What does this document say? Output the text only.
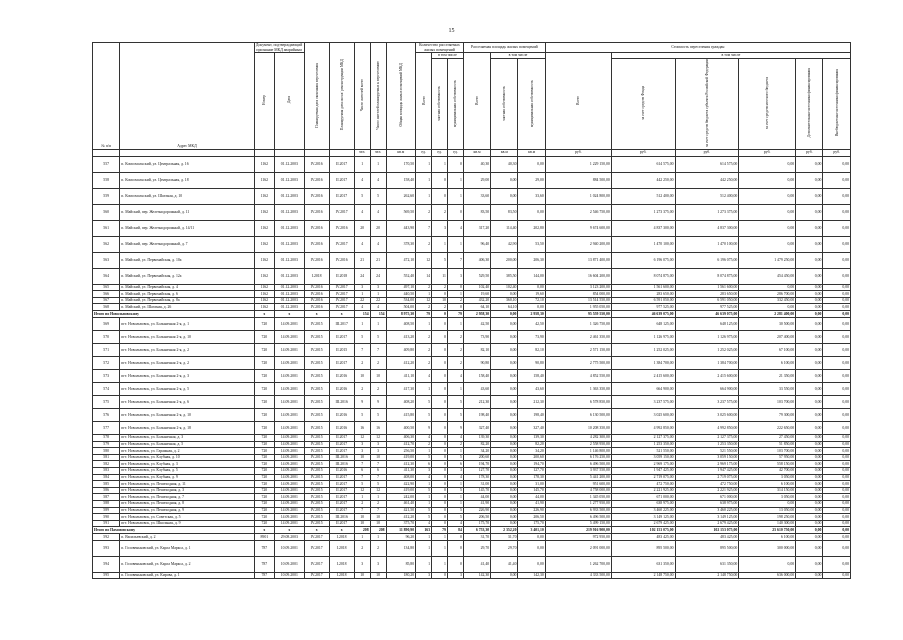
15
№ п/п	Адрес МКД	Документ, подтверждающий признание МКД аварийным		Планируемая дата окончания переселения	Планируемая дата сноса/ реконструкции МКД	Число жителей всего	Число жителей планируемых к переселению	Общая площадь жилых помещений МКД	Количество расселяемых жилых помещений			Расселяемая площадь жилых помещений			Стоимость переселения граждан					
		Номер	Дата						Всего	в том числе		Всего	в том числе		Всего	в том числе				
										частная собственность	муниципальная собственность		частная собственность	муниципальная собственность		за счет средств Фонда	за счет средств бюджета субъекта Российской Федерации	за счет средств местного бюджета	Дополнительные источники финансирования	Внебюджетные источники финансирования
						чел.	чел.	кв.м	ед.	ед.	ед.	кв.м	кв.м	кв.м	руб.	руб.	руб.	руб.	руб.	руб.
557	п. Комсомольский, ул. Центральная, д. 16	1162	01.12.2003	IV.2016	II.2017	1	1	170,50	1	1	0	40,30	40,30	0,00	1 229 150,00	614 575,00	614 575,00	0,00	0,00	0,00
558	п. Комсомольский, ул. Центральная, д. 18	1162	01.12.2003	IV.2016	II.2017	4	4	158,40	1	0	1	29,00	0,00	29,00	884 500,00	442 250,00	442 250,00	0,00	0,00	0,00
559	п. Комсомольский, ул. Шахтная, д. 10	1162	01.12.2003	IV.2016	II.2017	5	5	262,60	1	0	1	33,60	0,00	33,60	1 024 800,00	512 400,00	512 400,00	0,00	0,00	0,00
560	п. Майский, пер. Железнодорожный, д. 11	1162	01.12.2003	IV.2016	IV.2017	4	4	569,50	2	2	0	83,50	83,50	0,00	2 546 750,00	1 273 375,00	1 273 375,00	0,00	0,00	0,00
561	п. Майский, пер. Железнодорожный, д. 14/11	1162	01.12.2003	IV.2016	IV.2016	20	20	443,90	7	3	4	317,20	114,40	202,80	9 674 600,00	4 837 300,00	4 837 300,00	0,00	0,00	0,00
562	п. Майский, пер. Железнодорожный, д. 7	1162	01.12.2003	IV.2016	IV.2017	4	4	378,30	2	1	1	96,40	42,90	53,50	2 940 200,00	1 470 100,00	1 470 100,00	0,00	0,00	0,00
563	п. Майский, ул. Первомайская, д. 10а	1162	01.12.2003	IV.2016	IV.2016	21	21	472,10	12	5	7	406,30	200,00	206,30	13 871 400,00	6 196 075,00	6 196 075,00	1 479 250,00	0,00	0,00
564	п. Майский, ул. Первомайская, д. 12а	1162	01.12.2003	I.2018	II.2018	24	24	552,40	14	11	3	529,50	385,50	144,00	16 604 200,00	8 074 875,00	8 074 875,00	454 450,00	0,00	0,00
565	п. Майский, ул. Первомайская, д. 4	1162	01.12.2003	IV.2016	IV.2017	3	3	497,10	2	2	0	102,40	102,40	0,00	3 123 200,00	1 561 600,00	1 561 600,00	0,00	0,00	0,00
566	п. Майский, ул. Первомайская, д. 6	1162	01.12.2003	IV.2016	IV.2017	1	1	440,50	1	0	1	19,60	0,00	19,60	854 000,00	283 650,00	283 650,00	286 700,00	0,00	0,00
567	п. Майский, ул. Первомайская, д. 8а	1162	01.12.2003	IV.2016	IV.2017	22	22	534,00	12	10	2	432,20	360,10	72,10	13 514 550,00	6 591 050,00	6 591 050,00	332 450,00	0,00	0,00
568	п. Майский, ул. Шахтная, д. 26	1162	01.12.2003	IV.2016	IV.2017	4	4	504,00	2	2	0	64,10	64,10	0,00	1 955 050,00	977 525,00	977 525,00	0,00	0,00	0,00
Итого по Новольвовскому		x	x	x	x	154	154	8 975,30	79	0	79	2 958,30	0,00	2 958,30	95 559 550,00	46 639 075,00	46 639 075,00	2 281 400,00	0,00	0,00
569	пгт. Новольвовск, ул. Больничная 2-я, д. 1	720	14.09.2001	IV.2015	III.2017	1	1	408,50	1	0	1	42,50	0,00	42,50	1 326 750,00	648 125,00	648 125,00	30 500,00	0,00	0,00
570	пгт. Новольвовск, ул. Больничная 2-я, д. 10	720	14.09.2001	IV.2015	II.2017	5	5	413,20	2	0	2	73,90	0,00	73,90	2 461 350,00	1 126 975,00	1 126 975,00	207 400,00	0,00	0,00
571	пгт. Новольвовск, ул. Больничная 2-я, д. 2	720	14.09.2001	IV.2015	II.2015	7	7	409,80	2	0	2	82,10	0,00	82,10	2 571 150,00	1 252 025,00	1 252 025,00	67 100,00	0,00	0,00
572	пгт. Новольвовск, ул. Больничная 2-я, д. 2	720	14.09.2001	IV.2015	II.2017	2	2	412,20	2	0	2	90,80	0,00	90,80	2 775 500,00	1 384 700,00	1 384 700,00	6 100,00	0,00	0,00
573	пгт. Новольвовск, ул. Больничная 2-я, д. 3	720	14.09.2001	IV.2015	II.2016	10	10	411,10	4	0	4	158,40	0,00	158,40	4 852 550,00	2 415 600,00	2 415 600,00	21 350,00	0,00	0,00
574	пгт. Новольвовск, ул. Больничная 2-я, д. 5	720	14.09.2001	IV.2015	II.2016	2	2	417,30	1	0	1	43,60	0,00	43,60	1 363 350,00	664 900,00	664 900,00	33 550,00	0,00	0,00
575	пгт. Новольвовск, ул. Больничная 2-я, д. 6	720	14.09.2001	IV.2015	III.2016	9	9	408,20	5	0	5	212,30	0,00	212,30	6 578 850,00	3 237 575,00	3 237 575,00	103 700,00	0,00	0,00
576	пгт. Новольвовск, ул. Больничная 2-я, д. 10	720	14.09.2001	IV.2015	II.2016	5	5	415,80	5	0	5	198,40	0,00	198,40	6 130 500,00	3 025 600,00	3 025 600,00	79 300,00	0,00	0,00
577	пгт. Новольвовск, ул. Больничная 2-я, д. 18	720	14.09.2001	IV.2015	II.2016	16	16	400,50	9	0	9	327,40	0,00	327,40	10 208 350,00	4 992 850,00	4 992 850,00	222 650,00	0,00	0,00
578	пгт. Новольвовск, ул. Больничная, д. 3	720	14.09.2001	IV.2015	II.2017	12	12	406,30	4	0	4	139,30	0,00	139,30	4 282 300,00	2 127 375,00	2 127 375,00	27 450,00	0,00	0,00
579	пгт. Новольвовск, ул. Больничная, д. 5	720	14.09.2001	IV.2015	II.2017	3	3	412,70	2	0	2	82,20	0,00	82,20	2 558 950,00	1 253 350,00	1 253 350,00	51 850,00	0,00	0,00
580	пгт. Новольвовск, ул. Гаражная, д. 2	720	14.09.2001	IV.2015	II.2017	3	3	256,50	1	0	1	34,20	0,00	34,20	1 146 800,00	521 550,00	521 550,00	103 700,00	0,00	0,00
581	пгт. Новольвовск, ул. Клубная, д. 10	720	14.09.2001	IV.2015	III.2016	10	10	419,00	5	0	5	200,60	0,00	200,60	6 176 250,00	3 059 150,00	3 059 150,00	57 950,00	0,00	0,00
582	пгт. Новольвовск, ул. Клубная, д. 3	720	14.09.2001	IV.2015	III.2016	7	7	412,30	6	0	6	194,70	0,00	194,70	6 496 500,00	2 969 175,00	2 969 175,00	558 150,00	0,00	0,00
583	пгт. Новольвовск, ул. Клубная, д. 5	720	14.09.2001	IV.2015	II.2016	6	6	411,30	3	0	3	127,70	0,00	127,70	3 937 550,00	1 947 425,00	1 947 425,00	42 700,00	0,00	0,00
584	пгт. Новольвовск, ул. Клубная, д. 9	720	14.09.2001	IV.2015	II.2017	7	7	408,00	4	0	4	178,30	0,00	178,30	5 441 200,00	2 719 075,00	2 719 075,00	3 050,00	0,00	0,00
585	пгт. Новольвовск, ул. Пешеходная, д. 11	720	14.09.2001	IV.2015	II.2017	5	5	422,90	1	0	1	31,00	0,00	31,00	951 600,00	472 750,00	472 750,00	6 100,00	0,00	0,00
586	пгт. Новольвовск, ул. Пешеходная, д. 3	720	14.09.2001	IV.2015	II.2017	12	12	419,00	5	0	5	145,70	0,00	145,70	4 758 000,00	2 221 925,00	2 221 925,00	314 150,00	0,00	0,00
587	пгт. Новольвовск, ул. Пешеходная, д. 7	720	14.09.2001	IV.2015	II.2017	1	1	242,00	1	0	1	44,00	0,00	44,00	1 345 050,00	671 000,00	671 000,00	3 050,00	0,00	0,00
588	пгт. Новольвовск, ул. Пешеходная, д. 8	720	14.09.2001	IV.2015	II.2017	2	2	461,40	1	0	1	41,90	0,00	41,90	1 277 950,00	638 975,00	638 975,00	0,00	0,00	0,00
589	пгт. Новольвовск, ул. Пешеходная, д. 9	720	14.09.2001	IV.2015	II.2017	7	7	421,50	5	0	5	226,90	0,00	226,90	6 933 500,00	3 460 225,00	3 460 225,00	13 050,00	0,00	0,00
590	пгт. Новольвовск, ул. Советская, д. 5	720	14.09.2001	IV.2015	III.2016	10	10	412,20	5	0	5	206,50	0,00	206,50	6 496 500,00	3 149 125,00	3 149 125,00	198 250,00	0,00	0,00
591	пгт. Новольвовск, ул. Школьная, д. 9	720	14.09.2001	IV.2015	II.2017	10	10	375,70	4	0	4	175,70	0,00	175,70	5 499 150,00	2 679 425,00	2 679 425,00	140 300,00	0,00	0,00
Итого по Пахомовскому		x	x	x	x	208	208	11 890,90	163	79	84	6 753,30	2 352,20	3 401,10	219 916 900,00	102 153 075,00	102 153 075,00	25 610 750,00	0,00	0,00
592	п. Васильевский, д. 2	8901	29.08.2003	IV.2017	I.2018	1	1	96,20	1	1	0	31,70	31,70	0,00	972 950,00	483 425,00	483 425,00	6 100,00	0,00	0,00
593	п. Головеньковский, ул. Карла Маркса, д. 1	787	10.09.2001	IV.2017	I.2018	2	2	134,80	1	1	0	29,70	29,70	0,00	2 091 000,00	895 500,00	895 500,00	300 000,00	0,00	0,00
594	п. Головеньковский, ул. Карла Маркса, д. 2	787	10.09.2001	IV.2017	I.2018	3	3	85,80	1	1	0	41,40	41,40	0,00	1 262 700,00	631 350,00	631 350,00	0,00	0,00	0,00
595	п. Головеньковский, ул. Кирова, д. 1	787	10.09.2001	IV.2017	I.2018	10	10	180,20	3	0	3	142,30	0,00	142,30	4 333 500,00	2 148 750,00	2 148 750,00	636 000,00	0,00	0,00
